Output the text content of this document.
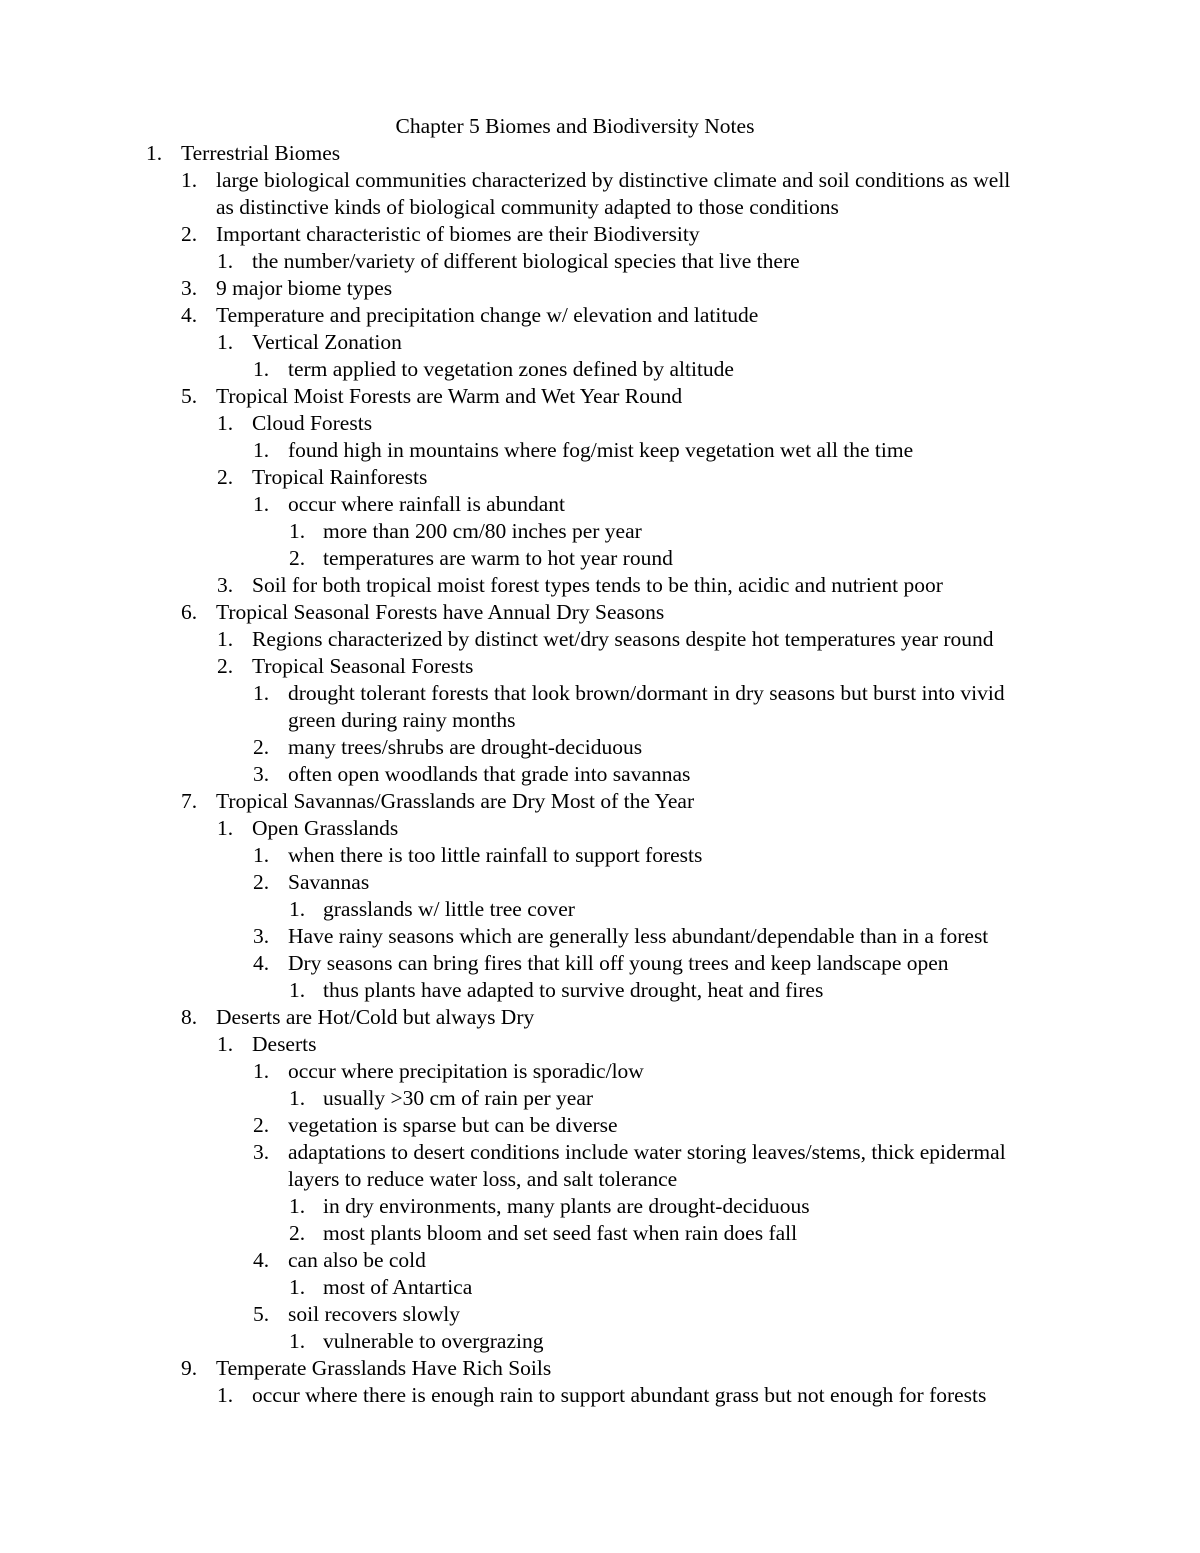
Chapter 5 Biomes and Biodiversity Notes
1. Terrestrial Biomes
1. large biological communities characterized by distinctive climate and soil conditions as well
as distinctive kinds of biological community adapted to those conditions
2. Important characteristic of biomes are their Biodiversity
1. the number/variety of different biological species that live there
3. 9 major biome types
4. Temperature and precipitation change w/ elevation and latitude
1. Vertical Zonation
1. term applied to vegetation zones defined by altitude
5. Tropical Moist Forests are Warm and Wet Year Round
1. Cloud Forests
1. found high in mountains where fog/mist keep vegetation wet all the time
2. Tropical Rainforests
1. occur where rainfall is abundant
1. more than 200 cm/80 inches per year
2. temperatures are warm to hot year round
3. Soil for both tropical moist forest types tends to be thin, acidic and nutrient poor
6. Tropical Seasonal Forests have Annual Dry Seasons
1. Regions characterized by distinct wet/dry seasons despite hot temperatures year round
2. Tropical Seasonal Forests
1. drought tolerant forests that look brown/dormant in dry seasons but burst into vivid
green during rainy months
2. many trees/shrubs are drought-deciduous
3. often open woodlands that grade into savannas
7. Tropical Savannas/Grasslands are Dry Most of the Year
1. Open Grasslands
1. when there is too little rainfall to support forests
2. Savannas
1. grasslands w/ little tree cover
3. Have rainy seasons which are generally less abundant/dependable than in a forest
4. Dry seasons can bring fires that kill off young trees and keep landscape open
1. thus plants have adapted to survive drought, heat and fires
8. Deserts are Hot/Cold but always Dry
1. Deserts
1. occur where precipitation is sporadic/low
1. usually >30 cm of rain per year
2. vegetation is sparse but can be diverse
3. adaptations to desert conditions include water storing leaves/stems, thick epidermal
layers to reduce water loss, and salt tolerance
1. in dry environments, many plants are drought-deciduous
2. most plants bloom and set seed fast when rain does fall
4. can also be cold
1. most of Antartica
5. soil recovers slowly
1. vulnerable to overgrazing
9. Temperate Grasslands Have Rich Soils
1. occur where there is enough rain to support abundant grass but not enough for forests
